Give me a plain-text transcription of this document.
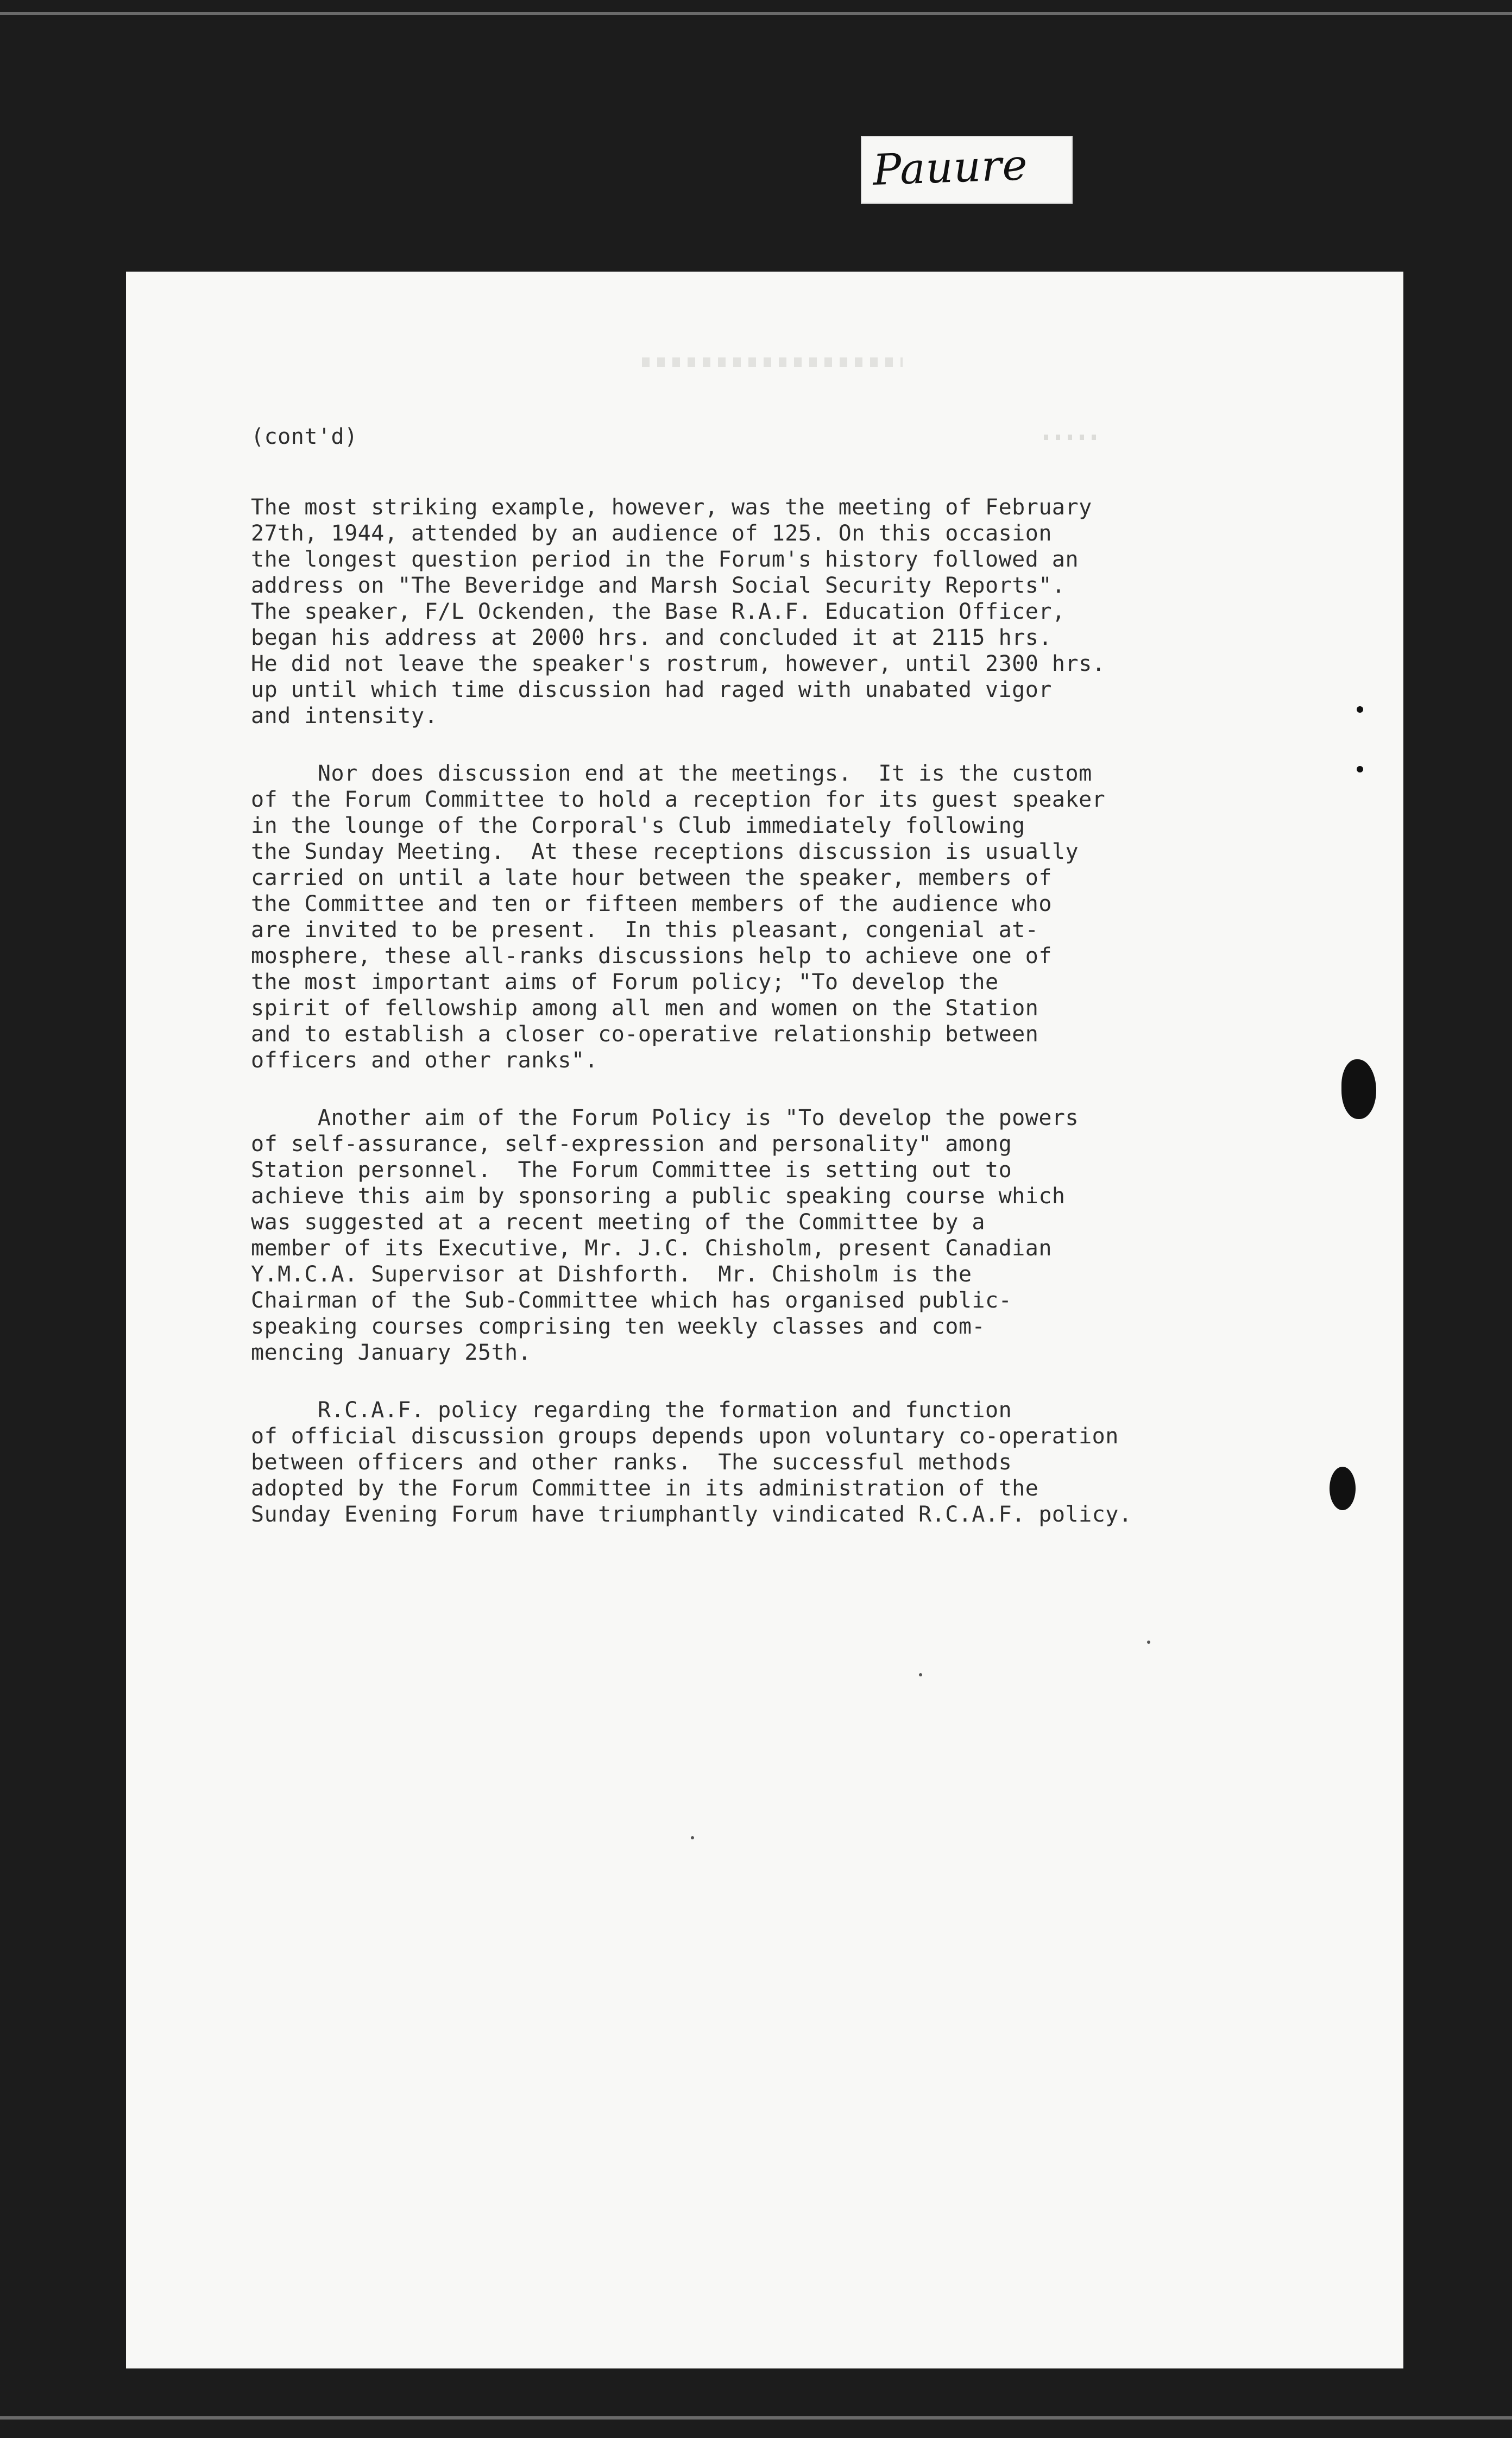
Pauure
(cont'd)
The most striking example, however, was the meeting of February
27th, 1944, attended by an audience of 125. On this occasion
the longest question period in the Forum's history followed an
address on "The Beveridge and Marsh Social Security Reports".
The speaker, F/L Ockenden, the Base R.A.F. Education Officer,
began his address at 2000 hrs. and concluded it at 2115 hrs.
He did not leave the speaker's rostrum, however, until 2300 hrs.
up until which time discussion had raged with unabated vigor
and intensity.
Nor does discussion end at the meetings.  It is the custom
of the Forum Committee to hold a reception for its guest speaker
in the lounge of the Corporal's Club immediately following
the Sunday Meeting.  At these receptions discussion is usually
carried on until a late hour between the speaker, members of
the Committee and ten or fifteen members of the audience who
are invited to be present.  In this pleasant, congenial at-
mosphere, these all-ranks discussions help to achieve one of
the most important aims of Forum policy; "To develop the
spirit of fellowship among all men and women on the Station
and to establish a closer co-operative relationship between
officers and other ranks".
Another aim of the Forum Policy is "To develop the powers
of self-assurance, self-expression and personality" among
Station personnel.  The Forum Committee is setting out to
achieve this aim by sponsoring a public speaking course which
was suggested at a recent meeting of the Committee by a
member of its Executive, Mr. J.C. Chisholm, present Canadian
Y.M.C.A. Supervisor at Dishforth.  Mr. Chisholm is the
Chairman of the Sub-Committee which has organised public-
speaking courses comprising ten weekly classes and com-
mencing January 25th.
R.C.A.F. policy regarding the formation and function
of official discussion groups depends upon voluntary co-operation
between officers and other ranks.  The successful methods
adopted by the Forum Committee in its administration of the
Sunday Evening Forum have triumphantly vindicated R.C.A.F. policy.
